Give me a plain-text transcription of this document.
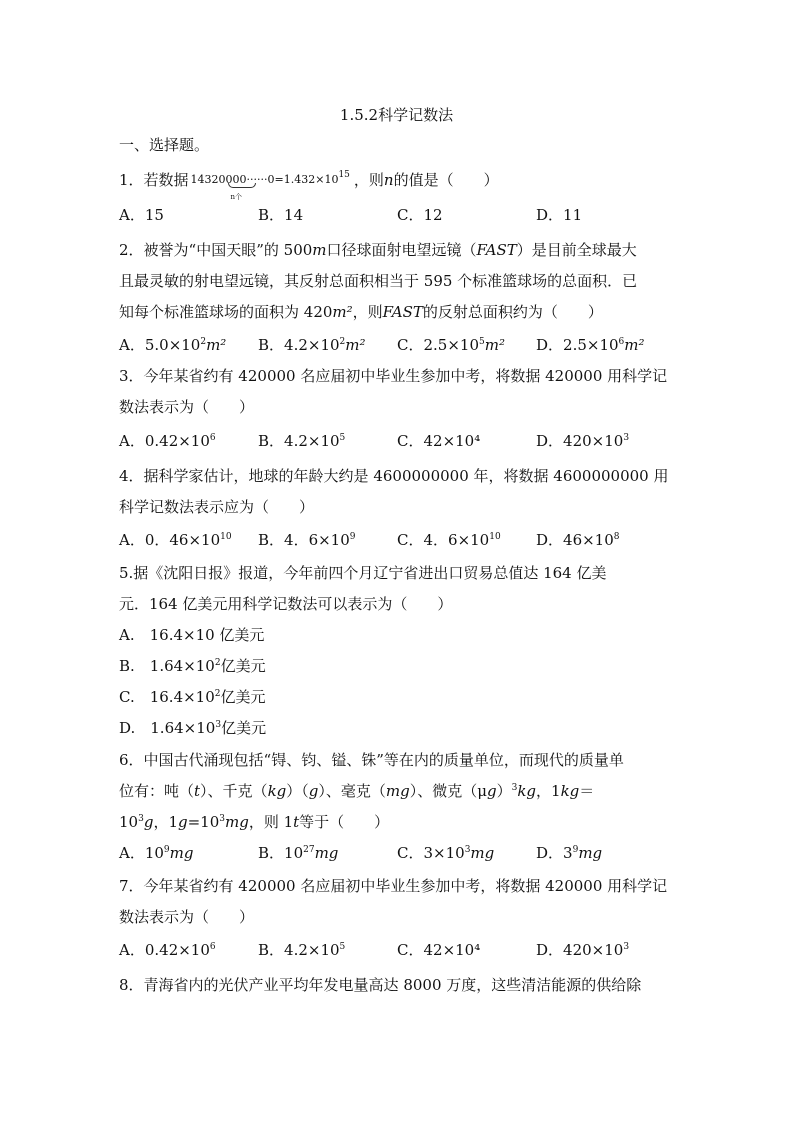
1.5.2科学记数法
一、选择题。
1．若数据 $14320000\cdot\cdot\cdot\cdot\cdot\cdot 0=1.432\times 10^{15}$
n个
，则n的值是（　　）
A．15	B．14	C．12	D．11
2．被誉为“中国天眼”的 500m口径球面射电望远镜（FAST）是目前全球最大
且最灵敏的射电望远镜，其反射总面积相当于 595 个标准篮球场的总面积．已
知每个标准篮球场的面积为 420m²，则FAST的反射总面积约为（　　）
A．$5.0\times 10^2m^2$ B．$4.2\times 10^2m^2$ C．$2.5\times 10^5m^2$ D．$2.5\times 10^6m^2$
3．今年某省约有 420000 名应届初中毕业生参加中考，将数据 420000 用科学记
数法表示为（　　）
A．$0.42\times 10^6$	B．$4.2\times 10^5$	C．42×10⁴	D．$420\times 10^3$
4．据科学家估计，地球的年龄大约是 4600000000 年，将数据 4600000000 用
科学记数法表示应为（　　）
A．0．$46\times 10^{10}$ B．4．$6\times 10^9$	C．4．$6\times 10^{10}$ D．$46\times 10^8$
5.据《沈阳日报》报道，今年前四个月辽宁省进出口贸易总值达 164 亿美
元．164 亿美元用科学记数法可以表示为（　　）
A.　16.4×10 亿美元
B.　$1.64\times 10^2$亿美元
C.　$16.4\times 10^2$亿美元
D.　$1.64\times 10^3$亿美元
6．中国古代涌现包括“锝、钧、镒、铢”等在内的质量单位，而现代的质量单
位有：吨（t）、千克（kg）（g）、毫克（mg）、微克$(\mu g)^3kg$，1kg＝
$10^3g$，$1g=10^3mg$，则 1t等于（　　）
A．$10^9mg$	B．$10^{27}mg$	C．$3\times 10^3mg$	D．$3^9mg$
7．今年某省约有 420000 名应届初中毕业生参加中考，将数据 420000 用科学记
数法表示为（　　）
A．$0.42\times 10^6$	B．$4.2\times 10^5$	C．42×10⁴	D．$420\times 10^3$
8．青海省内的光伏产业平均年发电量高达 8000 万度，这些清洁能源的供给除
